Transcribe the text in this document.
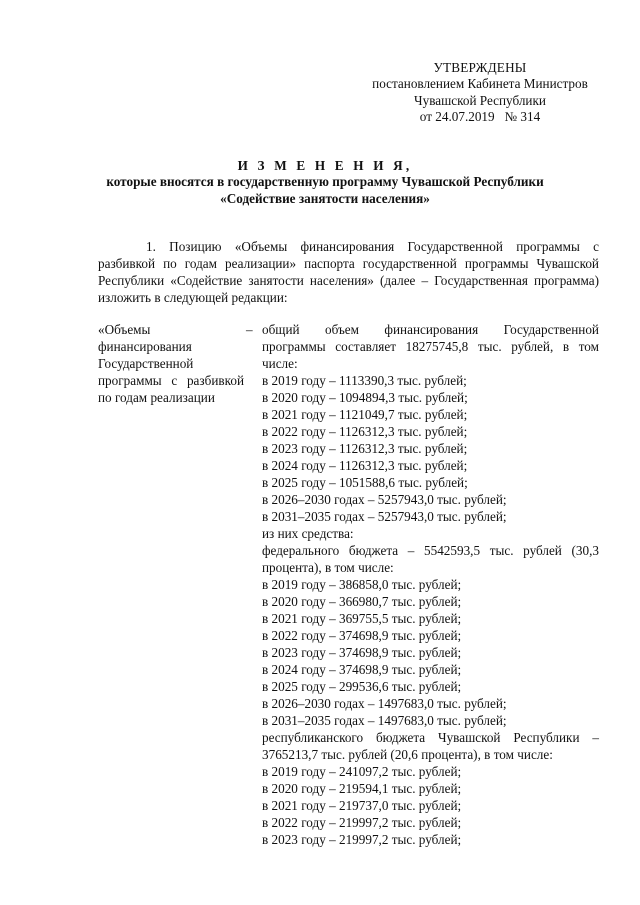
УТВЕРЖДЕНЫ
постановлением Кабинета Министров
Чувашской Республики
от 24.07.2019 № 314
И З М Е Н Е Н И Я,
которые вносятся в государственную программу Чувашской Республики
«Содействие занятости населения»

1. Позицию «Объемы финансирования Государственной программы с разбивкой по годам реализации» паспорта государственной программы Чувашской Республики «Содействие занятости населения» (далее – Государственная программа) изложить в следующей редакции:

«Объемы финансирования Государственной программы с разбивкой по годам реализации
– общий объем финансирования Государственной программы составляет 18275745,8 тыс. рублей, в том числе:
в 2019 году – 1113390,3 тыс. рублей;
в 2020 году – 1094894,3 тыс. рублей;
в 2021 году – 1121049,7 тыс. рублей;
в 2022 году – 1126312,3 тыс. рублей;
в 2023 году – 1126312,3 тыс. рублей;
в 2024 году – 1126312,3 тыс. рублей;
в 2025 году – 1051588,6 тыс. рублей;
в 2026–2030 годах – 5257943,0 тыс. рублей;
в 2031–2035 годах – 5257943,0 тыс. рублей;
из них средства:
федерального бюджета – 5542593,5 тыс. рублей (30,3 процента), в том числе:
в 2019 году – 386858,0 тыс. рублей;
в 2020 году – 366980,7 тыс. рублей;
в 2021 году – 369755,5 тыс. рублей;
в 2022 году – 374698,9 тыс. рублей;
в 2023 году – 374698,9 тыс. рублей;
в 2024 году – 374698,9 тыс. рублей;
в 2025 году – 299536,6 тыс. рублей;
в 2026–2030 годах – 1497683,0 тыс. рублей;
в 2031–2035 годах – 1497683,0 тыс. рублей;
республиканского бюджета Чувашской Республики – 3765213,7 тыс. рублей (20,6 процента), в том числе:
в 2019 году – 241097,2 тыс. рублей;
в 2020 году – 219594,1 тыс. рублей;
в 2021 году – 219737,0 тыс. рублей;
в 2022 году – 219997,2 тыс. рублей;
в 2023 году – 219997,2 тыс. рублей;
